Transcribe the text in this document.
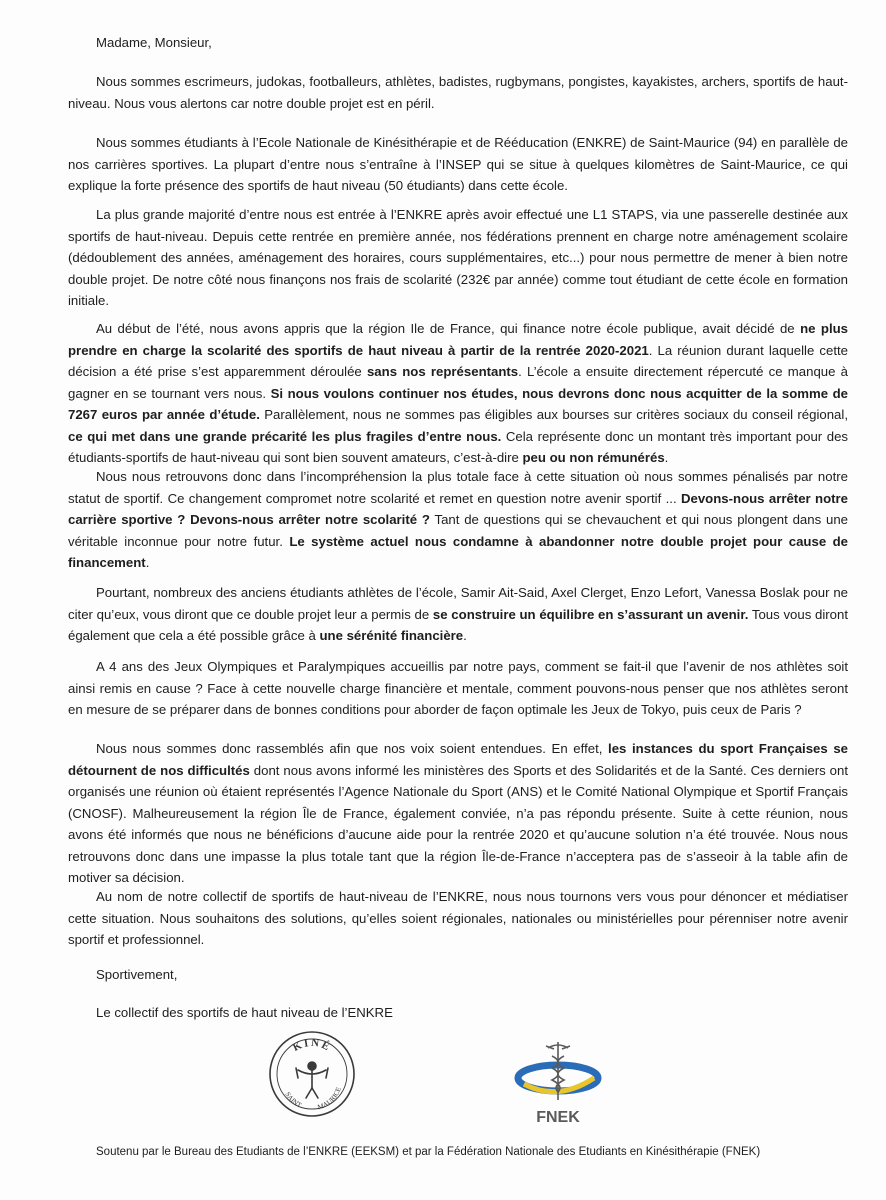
Madame, Monsieur,

Nous sommes escrimeurs, judokas, footballeurs, athlètes, badistes, rugbymans, pongistes, kayakistes, archers, sportifs de haut-niveau. Nous vous alertons car notre double projet est en péril.

Nous sommes étudiants à l’Ecole Nationale de Kinésithérapie et de Rééducation (ENKRE) de Saint-Maurice (94) en parallèle de nos carrières sportives. La plupart d’entre nous s’entraîne à l’INSEP qui se situe à quelques kilomètres de Saint-Maurice, ce qui explique la forte présence des sportifs de haut niveau (50 étudiants) dans cette école.

La plus grande majorité d’entre nous est entrée à l’ENKRE après avoir effectué une L1 STAPS, via une passerelle destinée aux sportifs de haut-niveau. Depuis cette rentrée en première année, nos fédérations prennent en charge notre aménagement scolaire (dédoublement des années, aménagement des horaires, cours supplémentaires, etc...) pour nous permettre de mener à bien notre double projet. De notre côté nous finançons nos frais de scolarité (232€ par année) comme tout étudiant de cette école en formation initiale.

Au début de l’été, nous avons appris que la région Ile de France, qui finance notre école publique, avait décidé de ne plus prendre en charge la scolarité des sportifs de haut niveau à partir de la rentrée 2020-2021. La réunion durant laquelle cette décision a été prise s’est apparemment déroulée sans nos représentants. L’école a ensuite directement répercuté ce manque à gagner en se tournant vers nous. Si nous voulons continuer nos études, nous devrons donc nous acquitter de la somme de 7267 euros par année d’étude. Parallèlement, nous ne sommes pas éligibles aux bourses sur critères sociaux du conseil régional, ce qui met dans une grande précarité les plus fragiles d’entre nous. Cela représente donc un montant très important pour des étudiants-sportifs de haut-niveau qui sont bien souvent amateurs, c’est-à-dire peu ou non rémunérés.

Nous nous retrouvons donc dans l’incompréhension la plus totale face à cette situation où nous sommes pénalisés par notre statut de sportif. Ce changement compromet notre scolarité et remet en question notre avenir sportif ... Devons-nous arrêter notre carrière sportive ? Devons-nous arrêter notre scolarité ? Tant de questions qui se chevauchent et qui nous plongent dans une véritable inconnue pour notre futur. Le système actuel nous condamne à abandonner notre double projet pour cause de financement.

Pourtant, nombreux des anciens étudiants athlètes de l’école, Samir Ait-Said, Axel Clerget, Enzo Lefort, Vanessa Boslak pour ne citer qu’eux, vous diront que ce double projet leur a permis de se construire un équilibre en s’assurant un avenir. Tous vous diront également que cela a été possible grâce à une sérénité financière.

A 4 ans des Jeux Olympiques et Paralympiques accueillis par notre pays, comment se fait-il que l’avenir de nos athlètes soit ainsi remis en cause ? Face à cette nouvelle charge financière et mentale, comment pouvons-nous penser que nos athlètes seront en mesure de se préparer dans de bonnes conditions pour aborder de façon optimale les Jeux de Tokyo, puis ceux de Paris ?

Nous nous sommes donc rassemblés afin que nos voix soient entendues. En effet, les instances du sport Françaises se détournent de nos difficultés dont nous avons informé les ministères des Sports et des Solidarités et de la Santé. Ces derniers ont organisés une réunion où étaient représentés l’Agence Nationale du Sport (ANS) et le Comité National Olympique et Sportif Français (CNOSF). Malheureusement la région Île de France, également conviée, n’a pas répondu présente. Suite à cette réunion, nous avons été informés que nous ne bénéficions d’aucune aide pour la rentrée 2020 et qu’aucune solution n’a été trouvée. Nous nous retrouvons donc dans une impasse la plus totale tant que la région Île-de-France n’acceptera pas de s’asseoir à la table afin de motiver sa décision.

Au nom de notre collectif de sportifs de haut-niveau de l’ENKRE, nous nous tournons vers vous pour dénoncer et médiatiser cette situation. Nous souhaitons des solutions, qu’elles soient régionales, nationales ou ministérielles pour pérenniser notre avenir sportif et professionnel.

Sportivement,
Le collectif des sportifs de haut niveau de l’ENKRE
KINÉ
SAINT MAURICE
FNEK
Soutenu par le Bureau des Etudiants de l’ENKRE (EEKSM) et par la Fédération Nationale des Etudiants en Kinésithérapie (FNEK)
